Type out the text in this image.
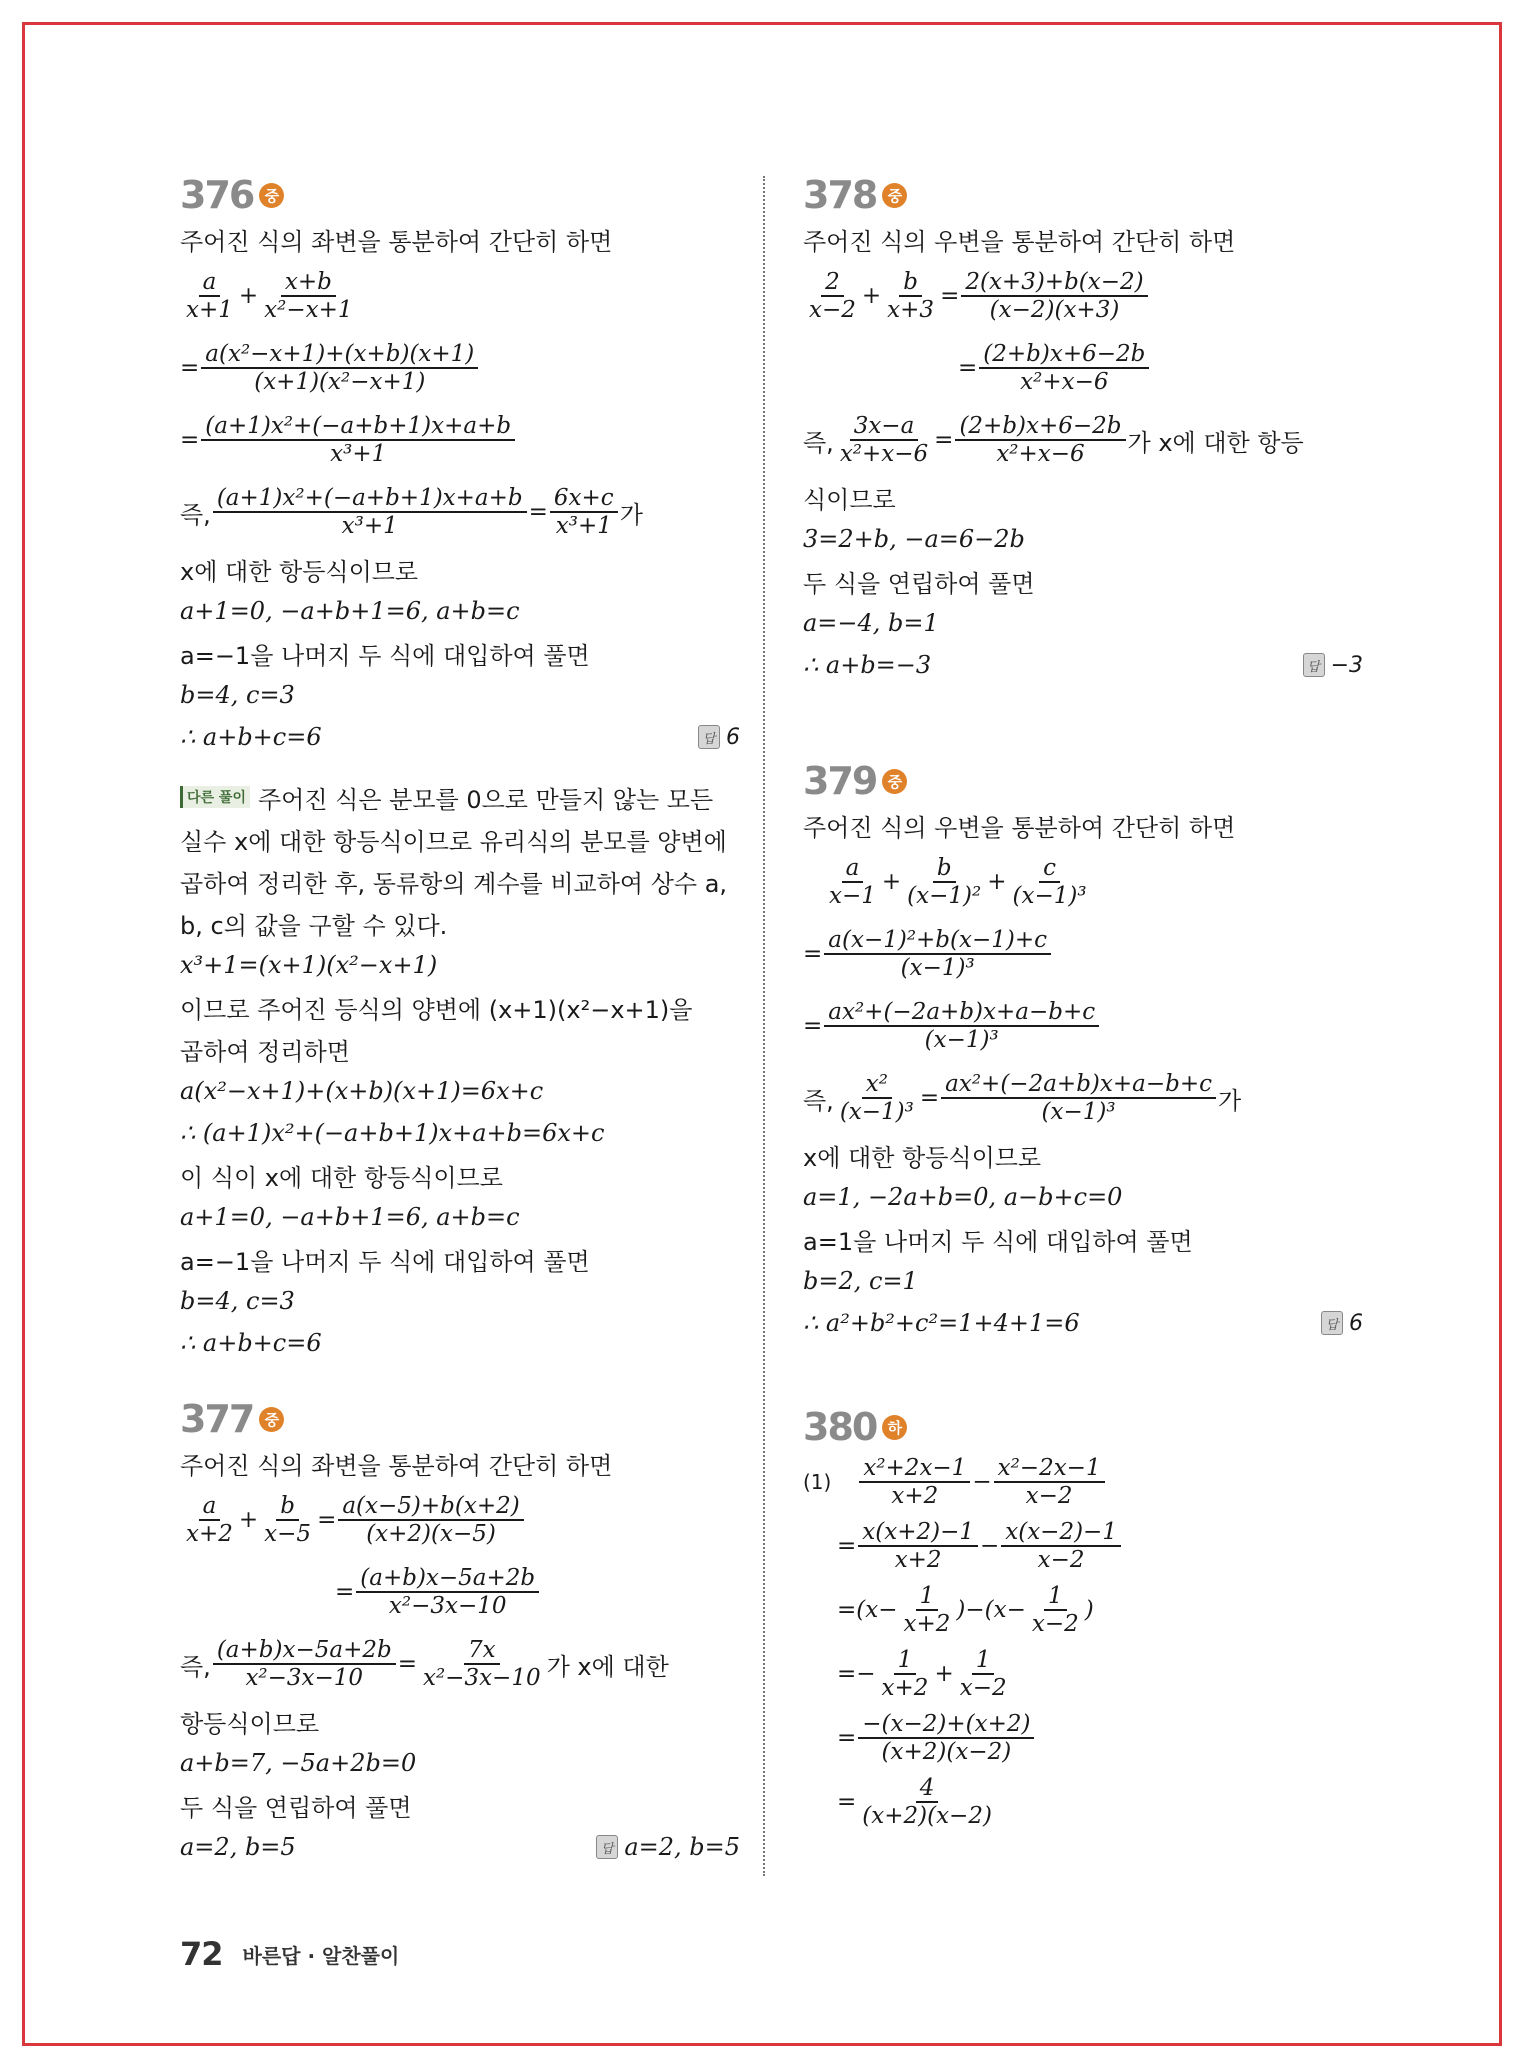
376 중
주어진 식의 좌변을 통분하여 간단히 하면
$\frac{a}{x+1} + \frac{x+b}{\text{x²−x+1}}$
= $\frac{\text{a(x²−x+1)+(x+b)(x+1)}}{\text{(x+1)(x²−x+1)}}$
= $\frac{\text{(a+1)x²+(−a+b+1)x+a+b}}{\text{x³+1}}$
즉, $\frac{\text{(a+1)x²+(−a+b+1)x+a+b}}{\text{x³+1}} = \frac{6x+c}{\text{x³+1}}$ 가
x에 대한 항등식이므로
a+1=0, −a+b+1=6, a+b=c
a=−1을 나머지 두 식에 대입하여 풀면
b=4, c=3
∴ a+b+c=6	답 6
다른 풀이 주어진 식은 분모를 0으로 만들지 않는 모든
실수 x에 대한 항등식이므로 유리식의 분모를 양변에
곱하여 정리한 후, 동류항의 계수를 비교하여 상수 a,
b, c의 값을 구할 수 있다.
x³+1=(x+1)(x²−x+1)
이므로 주어진 등식의 양변에 (x+1)(x²−x+1)을
곱하여 정리하면
a(x²−x+1)+(x+b)(x+1)=6x+c
∴ (a+1)x²+(−a+b+1)x+a+b=6x+c
이 식이 x에 대한 항등식이므로
a+1=0, −a+b+1=6, a+b=c
a=−1을 나머지 두 식에 대입하여 풀면
b=4, c=3
∴ a+b+c=6
377 중
주어진 식의 좌변을 통분하여 간단히 하면
$\frac{a}{x+2} + \frac{b}{x-5} = \frac{a(x-5)+b(x+2)}{(x+2)(x-5)}$
= $\frac{(a+b)x-5a+2b}{\text{x²−3x−10}}$
즉, $\frac{(a+b)x-5a+2b}{\text{x²−3x−10}} = \frac{7x}{\text{x²−3x−10}}$ 가 x에 대한
항등식이므로
a+b=7, −5a+2b=0
두 식을 연립하여 풀면
a=2, b=5	답 a=2, b=5
378 중
주어진 식의 우변을 통분하여 간단히 하면
$\frac{2}{x-2} + \frac{b}{x+3} = \frac{2(x+3)+b(x-2)}{(x-2)(x+3)}$
= $\frac{(2+b)x+6-2b}{\text{x²+x−6}}$
즉, $\frac{3x-a}{\text{x²+x−6}} = \frac{(2+b)x+6-2b}{\text{x²+x−6}}$ 가 x에 대한 항등
식이므로
3=2+b, −a=6−2b
두 식을 연립하여 풀면
a=−4, b=1
∴ a+b=−3	답 −3
379 중
주어진 식의 우변을 통분하여 간단히 하면
$\frac{a}{x-1} + \frac{b}{\text{(x−1)²}} + \frac{c}{\text{(x−1)³}}$
= $\frac{\text{a(x−1)²+b(x−1)+c}}{\text{(x−1)³}}$
= $\frac{\text{ax²+(−2a+b)x+a−b+c}}{\text{(x−1)³}}$
즉, $\frac{\text{x²}}{\text{(x−1)³}} = \frac{\text{ax²+(−2a+b)x+a−b+c}}{\text{(x−1)³}}$ 가
x에 대한 항등식이므로
a=1, −2a+b=0, a−b+c=0
a=1을 나머지 두 식에 대입하여 풀면
b=2, c=1
∴ a²+b²+c²=1+4+1=6	답 6
380 하
$(1) \frac{\text{x²+2x−1}}{x+2} - \frac{\text{x²−2x−1}}{x-2}$
= $\frac{x(x+2)-1}{x+2} - \frac{x(x-2)-1}{x-2}$
$=(x- \frac{1}{x+2} )-(x- \frac{1}{x-2}$ )
=− $\frac{1}{x+2} + \frac{1}{x-2}$
= $\frac{-(x-2)+(x+2)}{(x+2)(x-2)}$
= $\frac{4}{(x+2)(x-2)}$
72 바른답 · 알찬풀이
